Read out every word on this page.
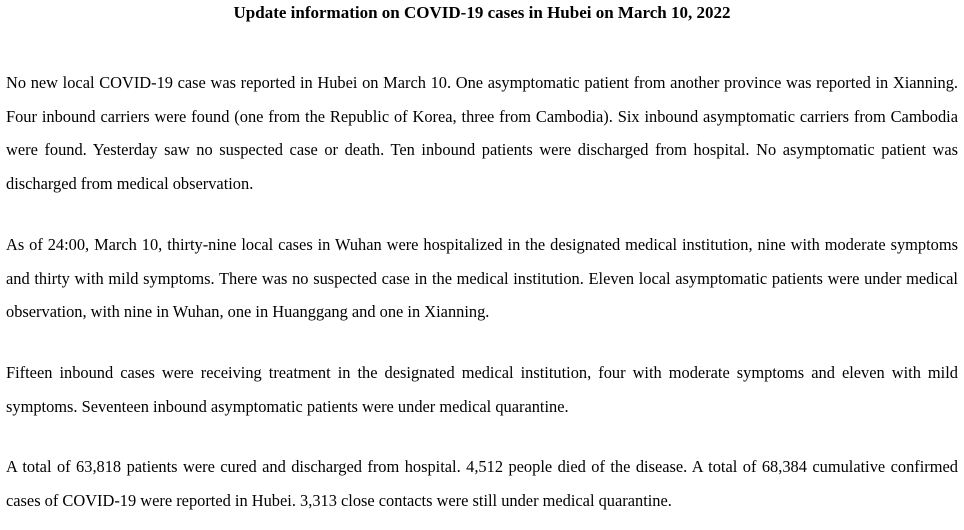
Update information on COVID-19 cases in Hubei on March 10, 2022

No new local COVID-19 case was reported in Hubei on March 10. One asymptomatic patient from another province was reported in Xianning. Four inbound carriers were found (one from the Republic of Korea, three from Cambodia). Six inbound asymptomatic carriers from Cambodia were found. Yesterday saw no suspected case or death. Ten inbound patients were discharged from hospital. No asymptomatic patient was discharged from medical observation.

As of 24:00, March 10, thirty-nine local cases in Wuhan were hospitalized in the designated medical institution, nine with moderate symptoms and thirty with mild symptoms. There was no suspected case in the medical institution. Eleven local asymptomatic patients were under medical observation, with nine in Wuhan, one in Huanggang and one in Xianning.

Fifteen inbound cases were receiving treatment in the designated medical institution, four with moderate symptoms and eleven with mild symptoms. Seventeen inbound asymptomatic patients were under medical quarantine.

A total of 63,818 patients were cured and discharged from hospital. 4,512 people died of the disease. A total of 68,384 cumulative confirmed cases of COVID-19 were reported in Hubei. 3,313 close contacts were still under medical quarantine.
